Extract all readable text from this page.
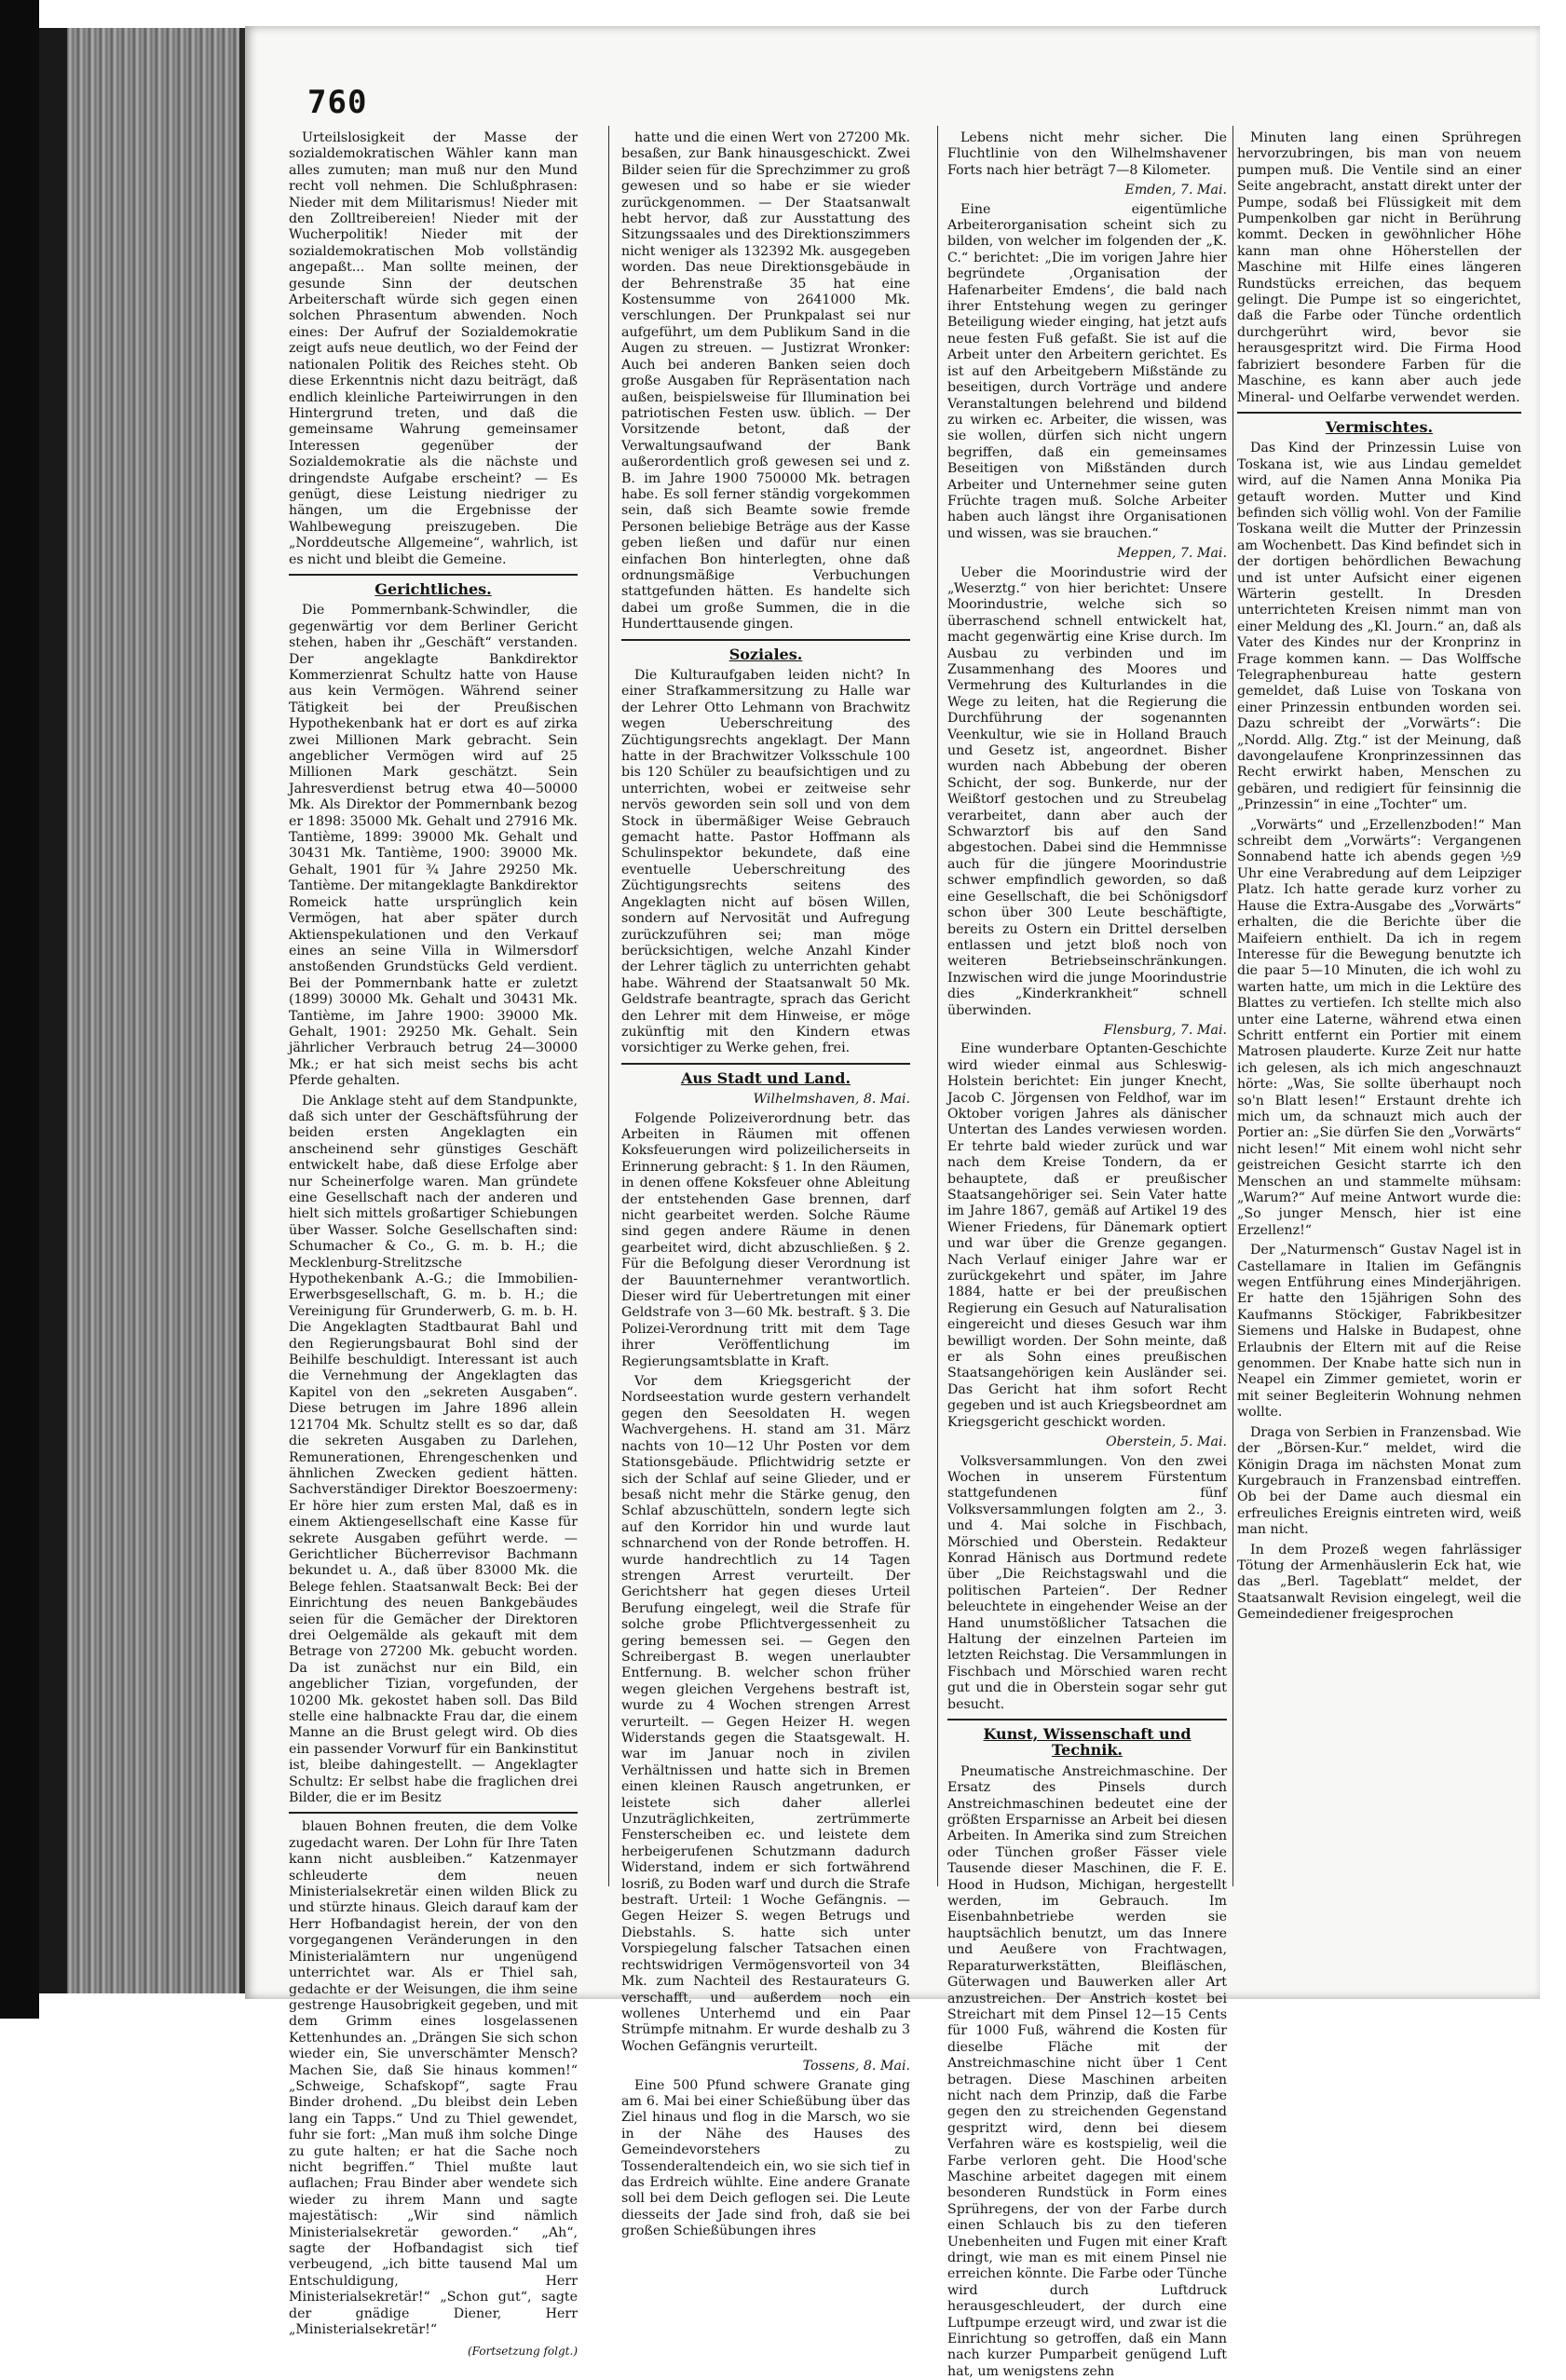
760

Urteilslosigkeit der Masse der sozialdemokratischen Wähler kann man alles zumuten; man muß nur den Mund recht voll nehmen. Die Schlußphrasen: Nieder mit dem Militarismus! Nieder mit den Zolltreibereien! Nieder mit der Wucherpolitik! Nieder mit der sozialdemokratischen Mob vollständig angepaßt... Man sollte meinen, der gesunde Sinn der deutschen Arbeiterschaft würde sich gegen einen solchen Phrasentum abwenden. Noch eines: Der Aufruf der Sozialdemokratie zeigt aufs neue deutlich, wo der Feind der nationalen Politik des Reiches steht. Ob diese Erkenntnis nicht dazu beiträgt, daß endlich kleinliche Parteiwirrungen in den Hintergrund treten, und daß die gemeinsame Wahrung gemeinsamer Interessen gegenüber der Sozialdemokratie als die nächste und dringendste Aufgabe erscheint? — Es genügt, diese Leistung niedriger zu hängen, um die Ergebnisse der Wahlbewegung preiszugeben. Die „Norddeutsche Allgemeine“, wahrlich, ist es nicht und bleibt die Gemeine.

Gerichtliches.

Die Pommernbank-Schwindler, die gegenwärtig vor dem Berliner Gericht stehen, haben ihr „Geschäft“ verstanden. Der angeklagte Bankdirektor Kommerzienrat Schultz hatte von Hause aus kein Vermögen. Während seiner Tätigkeit bei der Preußischen Hypothekenbank hat er dort es auf zirka zwei Millionen Mark gebracht. Sein angeblicher Vermögen wird auf 25 Millionen Mark geschätzt. Sein Jahresverdienst betrug etwa 40—50000 Mk. Als Direktor der Pommernbank bezog er 1898: 35000 Mk. Gehalt und 27916 Mk. Tantième, 1899: 39000 Mk. Gehalt und 30431 Mk. Tantième, 1900: 39000 Mk. Gehalt, 1901 für ¾ Jahre 29250 Mk. Tantième. Der mitangeklagte Bankdirektor Romeick hatte ursprünglich kein Vermögen, hat aber später durch Aktienspekulationen und den Verkauf eines an seine Villa in Wilmersdorf anstoßenden Grundstücks Geld verdient. Bei der Pommernbank hatte er zuletzt (1899) 30000 Mk. Gehalt und 30431 Mk. Tantième, im Jahre 1900: 39000 Mk. Gehalt, 1901: 29250 Mk. Gehalt. Sein jährlicher Verbrauch betrug 24—30000 Mk.; er hat sich meist sechs bis acht Pferde gehalten.

Die Anklage steht auf dem Standpunkte, daß sich unter der Geschäftsführung der beiden ersten Angeklagten ein anscheinend sehr günstiges Geschäft entwickelt habe, daß diese Erfolge aber nur Scheinerfolge waren. Man gründete eine Gesellschaft nach der anderen und hielt sich mittels großartiger Schiebungen über Wasser. Solche Gesellschaften sind: Schumacher & Co., G. m. b. H.; die Mecklenburg-Strelitzsche Hypothekenbank A.-G.; die Immobilien-Erwerbsgesellschaft, G. m. b. H.; die Vereinigung für Grunderwerb, G. m. b. H. Die Angeklagten Stadtbaurat Bahl und den Regierungsbaurat Bohl sind der Beihilfe beschuldigt. Interessant ist auch die Vernehmung der Angeklagten das Kapitel von den „sekreten Ausgaben“. Diese betrugen im Jahre 1896 allein 121704 Mk. Schultz stellt es so dar, daß die sekreten Ausgaben zu Darlehen, Remunerationen, Ehrengeschenken und ähnlichen Zwecken gedient hätten. Sachverständiger Direktor Boeszoermeny: Er höre hier zum ersten Mal, daß es in einem Aktiengesellschaft eine Kasse für sekrete Ausgaben geführt werde. — Gerichtlicher Bücherrevisor Bachmann bekundet u. A., daß über 83000 Mk. die Belege fehlen. Staatsanwalt Beck: Bei der Einrichtung des neuen Bankgebäudes seien für die Gemächer der Direktoren drei Oelgemälde als gekauft mit dem Betrage von 27200 Mk. gebucht worden. Da ist zunächst nur ein Bild, ein angeblicher Tizian, vorgefunden, der 10200 Mk. gekostet haben soll. Das Bild stelle eine halbnackte Frau dar, die einem Manne an die Brust gelegt wird. Ob dies ein passender Vorwurf für ein Bankinstitut ist, bleibe dahingestellt. — Angeklagter Schultz: Er selbst habe die fraglichen drei Bilder, die er im Besitz

blauen Bohnen freuten, die dem Volke zugedacht waren. Der Lohn für Ihre Taten kann nicht ausbleiben.“ Katzenmayer schleuderte dem neuen Ministerialsekretär einen wilden Blick zu und stürzte hinaus. Gleich darauf kam der Herr Hofbandagist herein, der von den vorgegangenen Veränderungen in den Ministerialämtern nur ungenügend unterrichtet war. Als er Thiel sah, gedachte er der Weisungen, die ihm seine gestrenge Hausobrigkeit gegeben, und mit dem Grimm eines losgelassenen Kettenhundes an. „Drängen Sie sich schon wieder ein, Sie unverschämter Mensch? Machen Sie, daß Sie hinaus kommen!“ „Schweige, Schafskopf“, sagte Frau Binder drohend. „Du bleibst dein Leben lang ein Tapps.“ Und zu Thiel gewendet, fuhr sie fort: „Man muß ihm solche Dinge zu gute halten; er hat die Sache noch nicht begriffen.“ Thiel mußte laut auflachen; Frau Binder aber wendete sich wieder zu ihrem Mann und sagte majestätisch: „Wir sind nämlich Ministerialsekretär geworden.“ „Ah“, sagte der Hofbandagist sich tief verbeugend, „ich bitte tausend Mal um Entschuldigung, Herr Ministerialsekretär!“ „Schon gut“, sagte der gnädige Diener, Herr „Ministerialsekretär!“

(Fortsetzung folgt.)

hatte und die einen Wert von 27200 Mk. besaßen, zur Bank hinausgeschickt. Zwei Bilder seien für die Sprechzimmer zu groß gewesen und so habe er sie wieder zurückgenommen. — Der Staatsanwalt hebt hervor, daß zur Ausstattung des Sitzungssaales und des Direktionszimmers nicht weniger als 132392 Mk. ausgegeben worden. Das neue Direktionsgebäude in der Behrenstraße 35 hat eine Kostensumme von 2641000 Mk. verschlungen. Der Prunkpalast sei nur aufgeführt, um dem Publikum Sand in die Augen zu streuen. — Justizrat Wronker: Auch bei anderen Banken seien doch große Ausgaben für Repräsentation nach außen, beispielsweise für Illumination bei patriotischen Festen usw. üblich. — Der Vorsitzende betont, daß der Verwaltungsaufwand der Bank außerordentlich groß gewesen sei und z. B. im Jahre 1900 750000 Mk. betragen habe. Es soll ferner ständig vorgekommen sein, daß sich Beamte sowie fremde Personen beliebige Beträge aus der Kasse geben ließen und dafür nur einen einfachen Bon hinterlegten, ohne daß ordnungsmäßige Verbuchungen stattgefunden hätten. Es handelte sich dabei um große Summen, die in die Hunderttausende gingen.

Soziales.

Die Kulturaufgaben leiden nicht? In einer Strafkammersitzung zu Halle war der Lehrer Otto Lehmann von Brachwitz wegen Ueberschreitung des Züchtigungsrechts angeklagt. Der Mann hatte in der Brachwitzer Volksschule 100 bis 120 Schüler zu beaufsichtigen und zu unterrichten, wobei er zeitweise sehr nervös geworden sein soll und von dem Stock in übermäßiger Weise Gebrauch gemacht hatte. Pastor Hoffmann als Schulinspektor bekundete, daß eine eventuelle Ueberschreitung des Züchtigungsrechts seitens des Angeklagten nicht auf bösen Willen, sondern auf Nervosität und Aufregung zurückzuführen sei; man möge berücksichtigen, welche Anzahl Kinder der Lehrer täglich zu unterrichten gehabt habe. Während der Staatsanwalt 50 Mk. Geldstrafe beantragte, sprach das Gericht den Lehrer mit dem Hinweise, er möge zukünftig mit den Kindern etwas vorsichtiger zu Werke gehen, frei.

Aus Stadt und Land.
Wilhelmshaven, 8. Mai.

Folgende Polizeiverordnung betr. das Arbeiten in Räumen mit offenen Koksfeuerungen wird polizeilicherseits in Erinnerung gebracht: § 1. In den Räumen, in denen offene Koksfeuer ohne Ableitung der entstehenden Gase brennen, darf nicht gearbeitet werden. Solche Räume sind gegen andere Räume in denen gearbeitet wird, dicht abzuschließen. § 2. Für die Befolgung dieser Verordnung ist der Bauunternehmer verantwortlich. Dieser wird für Uebertretungen mit einer Geldstrafe von 3—60 Mk. bestraft. § 3. Die Polizei-Verordnung tritt mit dem Tage ihrer Veröffentlichung im Regierungsamtsblatte in Kraft.

Vor dem Kriegsgericht der Nordseestation wurde gestern verhandelt gegen den Seesoldaten H. wegen Wachvergehens. H. stand am 31. März nachts von 10—12 Uhr Posten vor dem Stationsgebäude. Pflichtwidrig setzte er sich der Schlaf auf seine Glieder, und er besaß nicht mehr die Stärke genug, den Schlaf abzuschütteln, sondern legte sich auf den Korridor hin und wurde laut schnarchend von der Ronde betroffen. H. wurde handrechtlich zu 14 Tagen strengen Arrest verurteilt. Der Gerichtsherr hat gegen dieses Urteil Berufung eingelegt, weil die Strafe für solche grobe Pflichtvergessenheit zu gering bemessen sei. — Gegen den Schreibergast B. wegen unerlaubter Entfernung. B. welcher schon früher wegen gleichen Vergehens bestraft ist, wurde zu 4 Wochen strengen Arrest verurteilt. — Gegen Heizer H. wegen Widerstands gegen die Staatsgewalt. H. war im Januar noch in zivilen Verhältnissen und hatte sich in Bremen einen kleinen Rausch angetrunken, er leistete sich daher allerlei Unzuträglichkeiten, zertrümmerte Fensterscheiben ec. und leistete dem herbeigerufenen Schutzmann dadurch Widerstand, indem er sich fortwährend losriß, zu Boden warf und durch die Strafe bestraft. Urteil: 1 Woche Gefängnis. — Gegen Heizer S. wegen Betrugs und Diebstahls. S. hatte sich unter Vorspiegelung falscher Tatsachen einen rechtswidrigen Vermögensvorteil von 34 Mk. zum Nachteil des Restaurateurs G. verschafft, und außerdem noch ein wollenes Unterhemd und ein Paar Strümpfe mitnahm. Er wurde deshalb zu 3 Wochen Gefängnis verurteilt.

Tossens, 8. Mai.

Eine 500 Pfund schwere Granate ging am 6. Mai bei einer Schießübung über das Ziel hinaus und flog in die Marsch, wo sie in der Nähe des Hauses des Gemeindevorstehers zu Tossenderaltendeich ein, wo sie sich tief in das Erdreich wühlte. Eine andere Granate soll bei dem Deich geflogen sei. Die Leute diesseits der Jade sind froh, daß sie bei großen Schießübungen ihres

Lebens nicht mehr sicher. Die Fluchtlinie von den Wilhelmshavener Forts nach hier beträgt 7—8 Kilometer.

Emden, 7. Mai.

Eine eigentümliche Arbeiterorganisation scheint sich zu bilden, von welcher im folgenden der „K. C.“ berichtet: „Die im vorigen Jahre hier begründete ‚Organisation der Hafenarbeiter Emdens‘, die bald nach ihrer Entstehung wegen zu geringer Beteiligung wieder einging, hat jetzt aufs neue festen Fuß gefaßt. Sie ist auf die Arbeit unter den Arbeitern gerichtet. Es ist auf den Arbeitgebern Mißstände zu beseitigen, durch Vorträge und andere Veranstaltungen belehrend und bildend zu wirken ec. Arbeiter, die wissen, was sie wollen, dürfen sich nicht ungern begriffen, daß ein gemeinsames Beseitigen von Mißständen durch Arbeiter und Unternehmer seine guten Früchte tragen muß. Solche Arbeiter haben auch längst ihre Organisationen und wissen, was sie brauchen.“

Meppen, 7. Mai.

Ueber die Moorindustrie wird der „Weserztg.“ von hier berichtet: Unsere Moorindustrie, welche sich so überraschend schnell entwickelt hat, macht gegenwärtig eine Krise durch. Im Ausbau zu verbinden und im Zusammenhang des Moores und Vermehrung des Kulturlandes in die Wege zu leiten, hat die Regierung die Durchführung der sogenannten Veenkultur, wie sie in Holland Brauch und Gesetz ist, angeordnet. Bisher wurden nach Abbebung der oberen Schicht, der sog. Bunkerde, nur der Weißtorf gestochen und zu Streubelag verarbeitet, dann aber auch der Schwarztorf bis auf den Sand abgestochen. Dabei sind die Hemmnisse auch für die jüngere Moorindustrie schwer empfindlich geworden, so daß eine Gesellschaft, die bei Schönigsdorf schon über 300 Leute beschäftigte, bereits zu Ostern ein Drittel derselben entlassen und jetzt bloß noch von weiteren Betriebseinschränkungen. Inzwischen wird die junge Moorindustrie dies „Kinderkrankheit“ schnell überwinden.

Flensburg, 7. Mai.

Eine wunderbare Optanten-Geschichte wird wieder einmal aus Schleswig-Holstein berichtet: Ein junger Knecht, Jacob C. Jörgensen von Feldhof, war im Oktober vorigen Jahres als dänischer Untertan des Landes verwiesen worden. Er tehrte bald wieder zurück und war nach dem Kreise Tondern, da er behauptete, daß er preußischer Staatsangehöriger sei. Sein Vater hatte im Jahre 1867, gemäß auf Artikel 19 des Wiener Friedens, für Dänemark optiert und war über die Grenze gegangen. Nach Verlauf einiger Jahre war er zurückgekehrt und später, im Jahre 1884, hatte er bei der preußischen Regierung ein Gesuch auf Naturalisation eingereicht und dieses Gesuch war ihm bewilligt worden. Der Sohn meinte, daß er als Sohn eines preußischen Staatsangehörigen kein Ausländer sei. Das Gericht hat ihm sofort Recht gegeben und ist auch Kriegsbeordnet am Kriegsgericht geschickt worden.

Oberstein, 5. Mai.

Volksversammlungen. Von den zwei Wochen in unserem Fürstentum stattgefundenen fünf Volksversammlungen folgten am 2., 3. und 4. Mai solche in Fischbach, Mörschied und Oberstein. Redakteur Konrad Hänisch aus Dortmund redete über „Die Reichstagswahl und die politischen Parteien“. Der Redner beleuchtete in eingehender Weise an der Hand unumstößlicher Tatsachen die Haltung der einzelnen Parteien im letzten Reichstag. Die Versammlungen in Fischbach und Mörschied waren recht gut und die in Oberstein sogar sehr gut besucht.

Kunst, Wissenschaft und Technik.

Pneumatische Anstreichmaschine. Der Ersatz des Pinsels durch Anstreichmaschinen bedeutet eine der größten Ersparnisse an Arbeit bei diesen Arbeiten. In Amerika sind zum Streichen oder Tünchen großer Fässer viele Tausende dieser Maschinen, die F. E. Hood in Hudson, Michigan, hergestellt werden, im Gebrauch. Im Eisenbahnbetriebe werden sie hauptsächlich benutzt, um das Innere und Aeußere von Frachtwagen, Reparaturwerkstätten, Bleifläschen, Güterwagen und Bauwerken aller Art anzustreichen. Der Anstrich kostet bei Streichart mit dem Pinsel 12—15 Cents für 1000 Fuß, während die Kosten für dieselbe Fläche mit der Anstreichmaschine nicht über 1 Cent betragen. Diese Maschinen arbeiten nicht nach dem Prinzip, daß die Farbe gegen den zu streichenden Gegenstand gespritzt wird, denn bei diesem Verfahren wäre es kostspielig, weil die Farbe verloren geht. Die Hood'sche Maschine arbeitet dagegen mit einem besonderen Rundstück in Form eines Sprühregens, der von der Farbe durch einen Schlauch bis zu den tieferen Unebenheiten und Fugen mit einer Kraft dringt, wie man es mit einem Pinsel nie erreichen könnte. Die Farbe oder Tünche wird durch Luftdruck herausgeschleudert, der durch eine Luftpumpe erzeugt wird, und zwar ist die Einrichtung so getroffen, daß ein Mann nach kurzer Pumparbeit genügend Luft hat, um wenigstens zehn

Minuten lang einen Sprühregen hervorzubringen, bis man von neuem pumpen muß. Die Ventile sind an einer Seite angebracht, anstatt direkt unter der Pumpe, sodaß bei Flüssigkeit mit dem Pumpenkolben gar nicht in Berührung kommt. Decken in gewöhnlicher Höhe kann man ohne Höherstellen der Maschine mit Hilfe eines längeren Rundstücks erreichen, das bequem gelingt. Die Pumpe ist so eingerichtet, daß die Farbe oder Tünche ordentlich durchgerührt wird, bevor sie herausgespritzt wird. Die Firma Hood fabriziert besondere Farben für die Maschine, es kann aber auch jede Mineral- und Oelfarbe verwendet werden.

Vermischtes.

Das Kind der Prinzessin Luise von Toskana ist, wie aus Lindau gemeldet wird, auf die Namen Anna Monika Pia getauft worden. Mutter und Kind befinden sich völlig wohl. Von der Familie Toskana weilt die Mutter der Prinzessin am Wochenbett. Das Kind befindet sich in der dortigen behördlichen Bewachung und ist unter Aufsicht einer eigenen Wärterin gestellt. In Dresden unterrichteten Kreisen nimmt man von einer Meldung des „Kl. Journ.“ an, daß als Vater des Kindes nur der Kronprinz in Frage kommen kann. — Das Wolffsche Telegraphenbureau hatte gestern gemeldet, daß Luise von Toskana von einer Prinzessin entbunden worden sei. Dazu schreibt der „Vorwärts“: Die „Nordd. Allg. Ztg.“ ist der Meinung, daß davongelaufene Kronprinzessinnen das Recht erwirkt haben, Menschen zu gebären, und redigiert für feinsinnig die „Prinzessin“ in eine „Tochter“ um.

„Vorwärts“ und „Erzellenzboden!“ Man schreibt dem „Vorwärts“: Vergangenen Sonnabend hatte ich abends gegen ½9 Uhr eine Verabredung auf dem Leipziger Platz. Ich hatte gerade kurz vorher zu Hause die Extra-Ausgabe des „Vorwärts“ erhalten, die die Berichte über die Maifeiern enthielt. Da ich in regem Interesse für die Bewegung benutzte ich die paar 5—10 Minuten, die ich wohl zu warten hatte, um mich in die Lektüre des Blattes zu vertiefen. Ich stellte mich also unter eine Laterne, während etwa einen Schritt entfernt ein Portier mit einem Matrosen plauderte. Kurze Zeit nur hatte ich gelesen, als ich mich angeschnauzt hörte: „Was, Sie sollte überhaupt noch so'n Blatt lesen!“ Erstaunt drehte ich mich um, da schnauzt mich auch der Portier an: „Sie dürfen Sie den „Vorwärts“ nicht lesen!“ Mit einem wohl nicht sehr geistreichen Gesicht starrte ich den Menschen an und stammelte mühsam: „Warum?“ Auf meine Antwort wurde die: „So junger Mensch, hier ist eine Erzellenz!“

Der „Naturmensch“ Gustav Nagel ist in Castellamare in Italien im Gefängnis wegen Entführung eines Minderjährigen. Er hatte den 15jährigen Sohn des Kaufmanns Stöckiger, Fabrikbesitzer Siemens und Halske in Budapest, ohne Erlaubnis der Eltern mit auf die Reise genommen. Der Knabe hatte sich nun in Neapel ein Zimmer gemietet, worin er mit seiner Begleiterin Wohnung nehmen wollte.

Draga von Serbien in Franzensbad. Wie der „Börsen-Kur.“ meldet, wird die Königin Draga im nächsten Monat zum Kurgebrauch in Franzensbad eintreffen. Ob bei der Dame auch diesmal ein erfreuliches Ereignis eintreten wird, weiß man nicht.

In dem Prozeß wegen fahrlässiger Tötung der Armenhäuslerin Eck hat, wie das „Berl. Tageblatt“ meldet, der Staatsanwalt Revision eingelegt, weil die Gemeindediener freigesprochen
